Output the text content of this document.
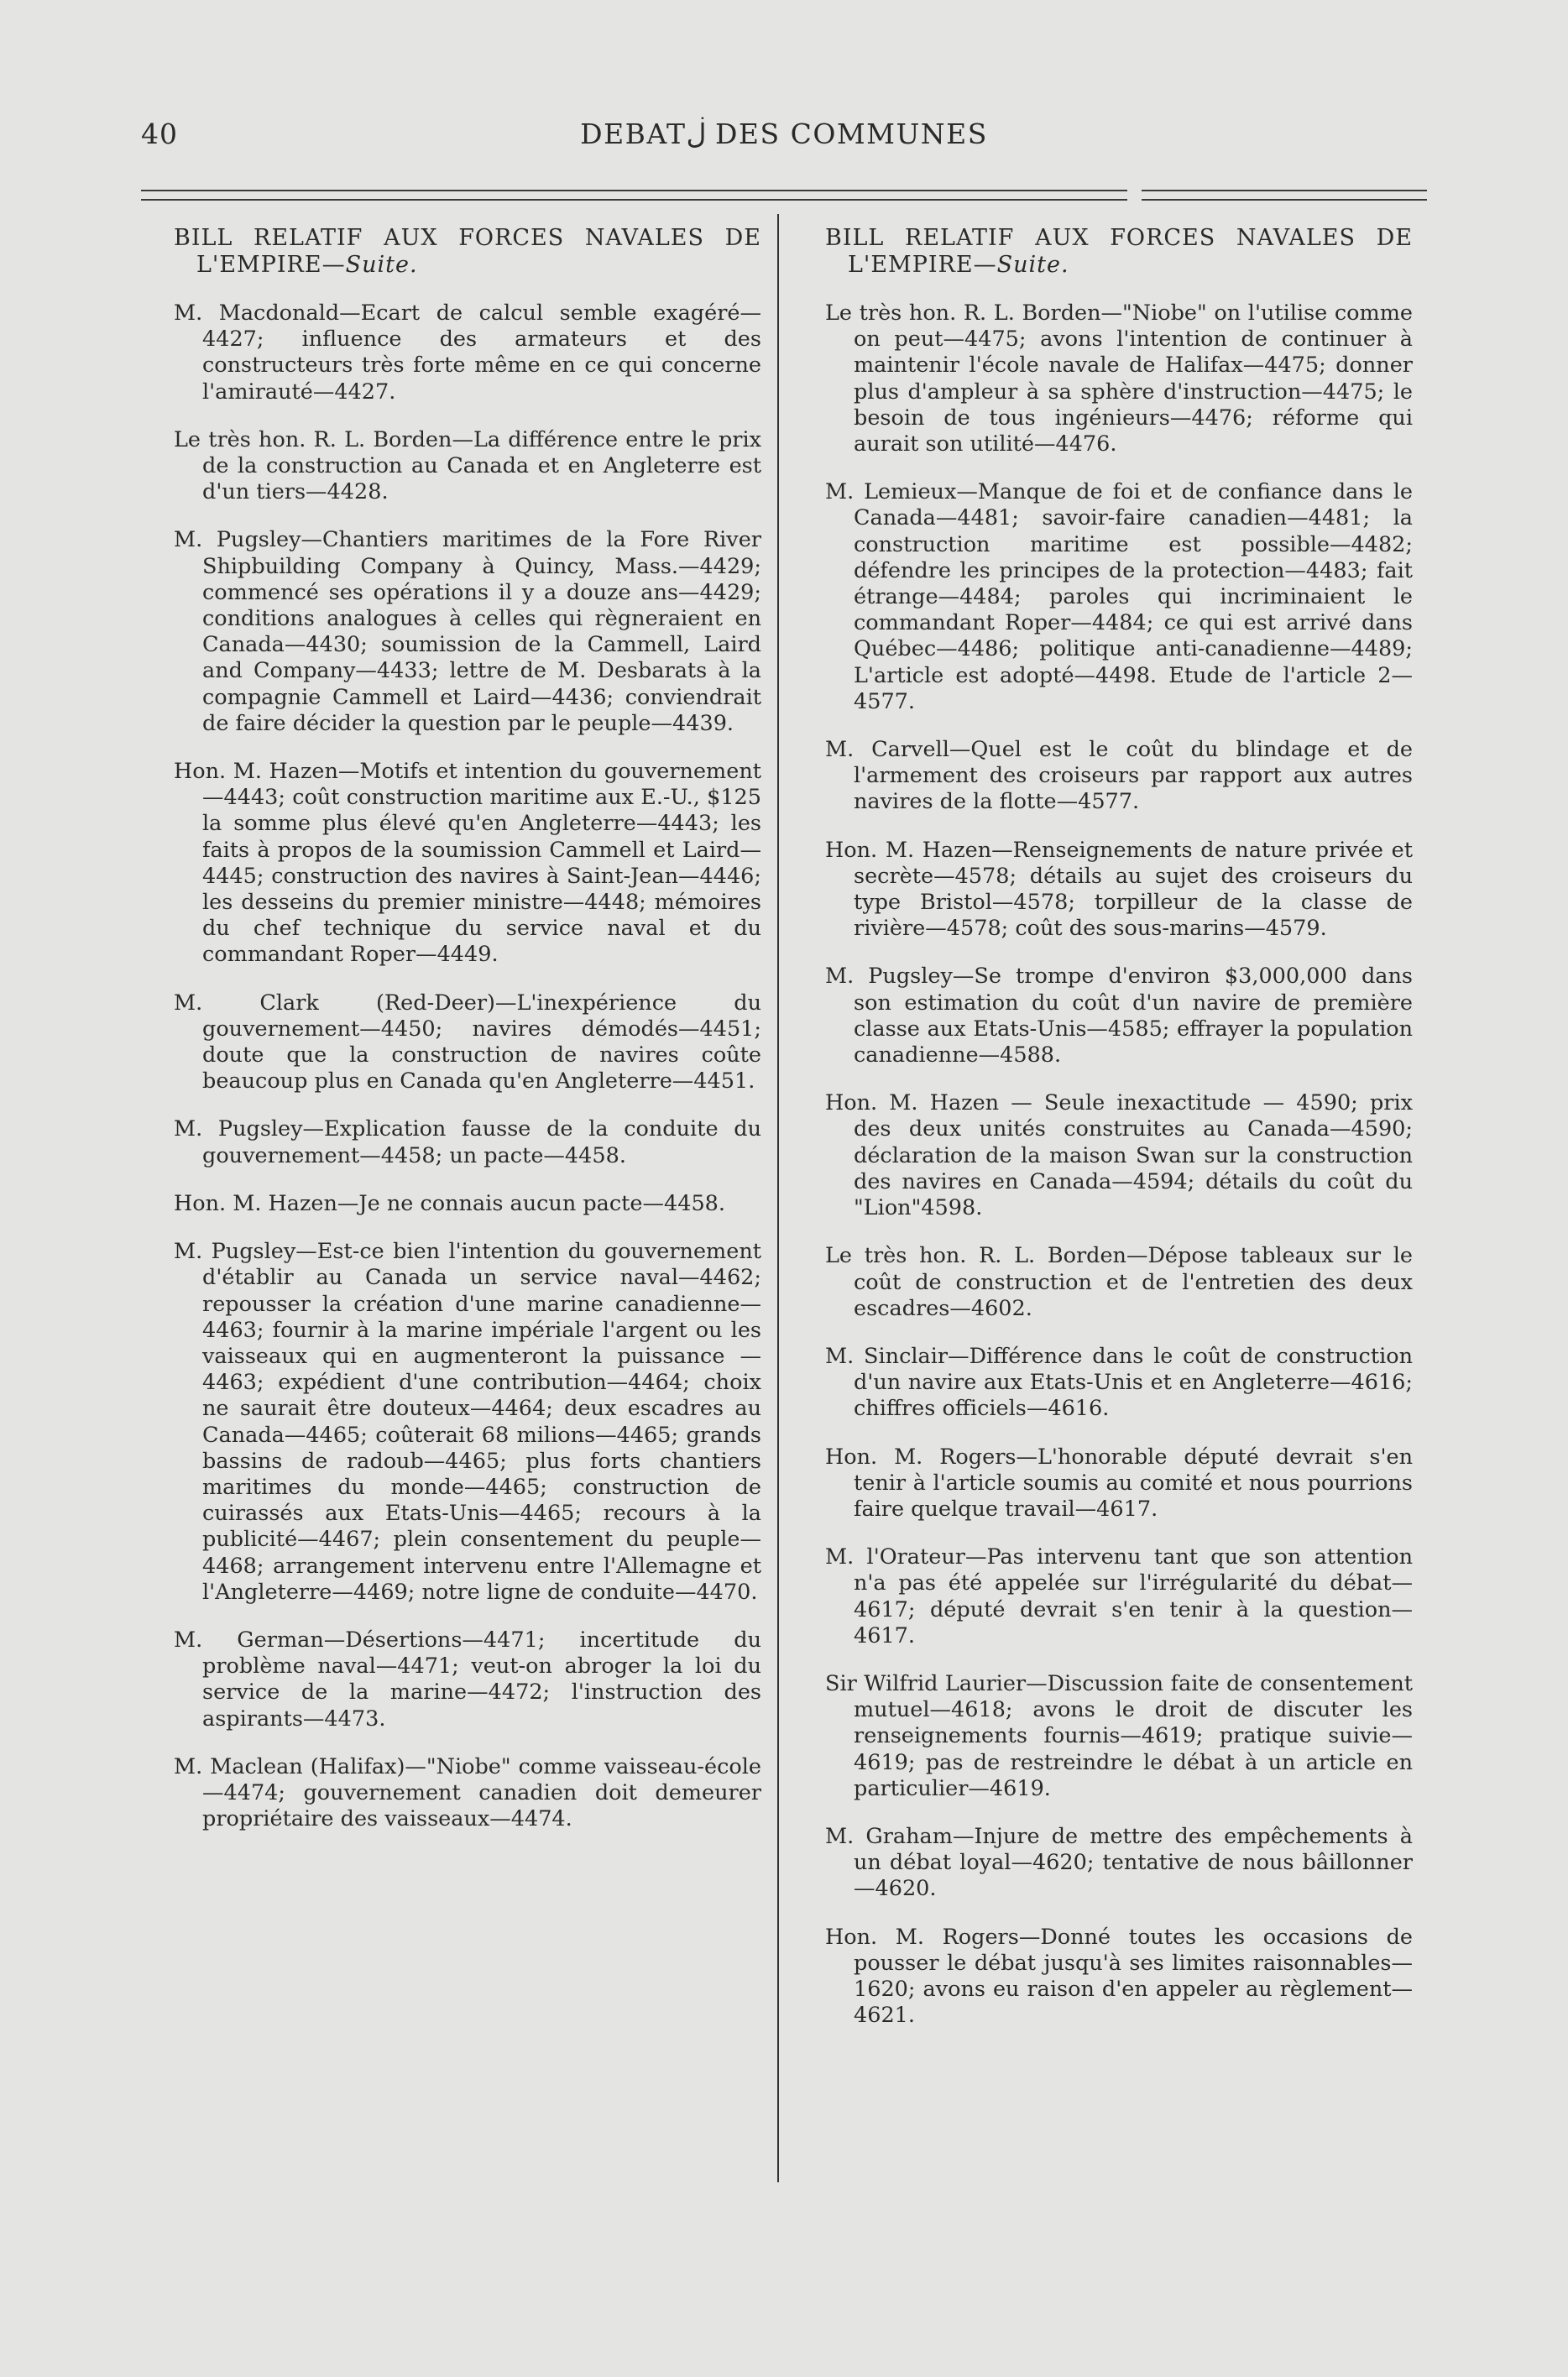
40	DEBATڶ DES COMMUNES

BILL RELATIF AUX FORCES NAVALES DE L'EMPIRE—Suite.

M. Macdonald—Ecart de calcul semble exagéré—4427; influence des armateurs et des constructeurs très forte même en ce qui concerne l'amirauté—4427.

Le très hon. R. L. Borden—La différence entre le prix de la construction au Canada et en Angleterre est d'un tiers—4428.

M. Pugsley—Chantiers maritimes de la Fore River Shipbuilding Company à Quincy, Mass.—4429; commencé ses opérations il y a douze ans—4429; conditions analogues à celles qui règneraient en Canada—4430; soumission de la Cammell, Laird and Company—4433; lettre de M. Desbarats à la compagnie Cammell et Laird—4436; conviendrait de faire décider la question par le peuple—4439.

Hon. M. Hazen—Motifs et intention du gouvernement—4443; coût construction maritime aux E.-U., $125 la somme plus élevé qu'en Angleterre—4443; les faits à propos de la soumission Cammell et Laird—4445; construction des navires à Saint-Jean—4446; les desseins du premier ministre—4448; mémoires du chef technique du service naval et du commandant Roper—4449.

M. Clark (Red-Deer)—L'inexpérience du gouvernement—4450; navires démodés—4451; doute que la construction de navires coûte beaucoup plus en Canada qu'en Angleterre—4451.

M. Pugsley—Explication fausse de la conduite du gouvernement—4458; un pacte—4458.

Hon. M. Hazen—Je ne connais aucun pacte—4458.

M. Pugsley—Est-ce bien l'intention du gouvernement d'établir au Canada un service naval—4462; repousser la création d'une marine canadienne—4463; fournir à la marine impériale l'argent ou les vaisseaux qui en augmenteront la puissance —4463; expédient d'une contribution—4464; choix ne saurait être douteux—4464; deux escadres au Canada—4465; coûterait 68 milions—4465; grands bassins de radoub—4465; plus forts chantiers maritimes du monde—4465; construction de cuirassés aux Etats-Unis—4465; recours à la publicité—4467; plein consentement du peuple—4468; arrangement intervenu entre l'Allemagne et l'Angleterre—4469; notre ligne de conduite—4470.

M. German—Désertions—4471; incertitude du problème naval—4471; veut-on abroger la loi du service de la marine—4472; l'instruction des aspirants—4473.

M. Maclean (Halifax)—"Niobe" comme vaisseau-école—4474; gouvernement canadien doit demeurer propriétaire des vaisseaux—4474.

BILL RELATIF AUX FORCES NAVALES DE L'EMPIRE—Suite.

Le très hon. R. L. Borden—"Niobe" on l'utilise comme on peut—4475; avons l'intention de continuer à maintenir l'école navale de Halifax—4475; donner plus d'ampleur à sa sphère d'instruction—4475; le besoin de tous ingénieurs—4476; réforme qui aurait son utilité—4476.

M. Lemieux—Manque de foi et de confiance dans le Canada—4481; savoir-faire canadien—4481; la construction maritime est possible—4482; défendre les principes de la protection—4483; fait étrange—4484; paroles qui incriminaient le commandant Roper—4484; ce qui est arrivé dans Québec—4486; politique anti-canadienne—4489; L'article est adopté—4498. Etude de l'article 2—4577.

M. Carvell—Quel est le coût du blindage et de l'armement des croiseurs par rapport aux autres navires de la flotte—4577.

Hon. M. Hazen—Renseignements de nature privée et secrète—4578; détails au sujet des croiseurs du type Bristol—4578; torpilleur de la classe de rivière—4578; coût des sous-marins—4579.

M. Pugsley—Se trompe d'environ $3,000,000 dans son estimation du coût d'un navire de première classe aux Etats-Unis—4585; effrayer la population canadienne—4588.

Hon. M. Hazen — Seule inexactitude — 4590; prix des deux unités construites au Canada—4590; déclaration de la maison Swan sur la construction des navires en Canada—4594; détails du coût du "Lion"4598.

Le très hon. R. L. Borden—Dépose tableaux sur le coût de construction et de l'entretien des deux escadres—4602.

M. Sinclair—Différence dans le coût de construction d'un navire aux Etats-Unis et en Angleterre—4616; chiffres officiels—4616.

Hon. M. Rogers—L'honorable député devrait s'en tenir à l'article soumis au comité et nous pourrions faire quelque travail—4617.

M. l'Orateur—Pas intervenu tant que son attention n'a pas été appelée sur l'irrégularité du débat—4617; député devrait s'en tenir à la question—4617.

Sir Wilfrid Laurier—Discussion faite de consentement mutuel—4618; avons le droit de discuter les renseignements fournis—4619; pratique suivie—4619; pas de restreindre le débat à un article en particulier—4619.

M. Graham—Injure de mettre des empêchements à un débat loyal—4620; tentative de nous bâillonner—4620.

Hon. M. Rogers—Donné toutes les occasions de pousser le débat jusqu'à ses limites raisonnables—1620; avons eu raison d'en appeler au règlement—4621.
